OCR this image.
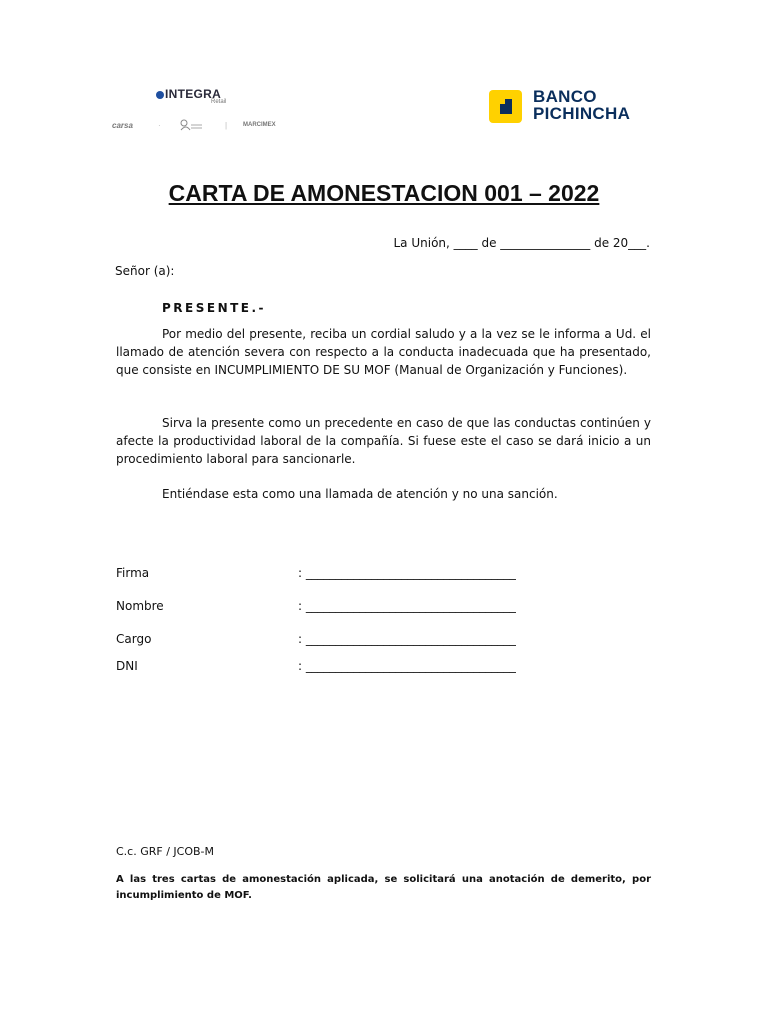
INTEGRA
Retail
carsa	·	|	MARCIMEX
BANCO
PICHINCHA
CARTA DE AMONESTACION 001 – 2022
La Unión, ____ de _______________ de 20___.
Señor (a):
PRESENTE.-
Por medio del presente, reciba un cordial saludo y a la vez se le informa a Ud. el llamado de atención severa con respecto a la conducta inadecuada que ha presentado, que consiste en INCUMPLIMIENTO DE SU MOF (Manual de Organización y Funciones).
Sirva la presente como un precedente en caso de que las conductas continúen y afecte la productividad laboral de la compañía. Si fuese este el caso se dará inicio a un procedimiento laboral para sancionarle.
Entiéndase esta como una llamada de atención y no una sanción.
Firma	: ___________________________________
Nombre	: ___________________________________
Cargo	: ___________________________________
DNI	: ___________________________________
C.c. GRF / JCOB-M
A las tres cartas de amonestación aplicada, se solicitará una anotación de demerito, por incumplimiento de MOF.
